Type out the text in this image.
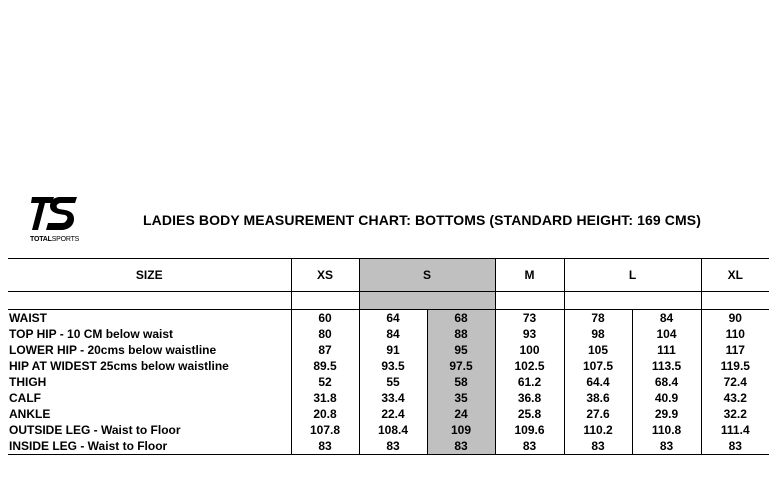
TOTALSPORTS
LADIES BODY MEASUREMENT CHART: BOTTOMS (STANDARD HEIGHT: 169 CMS)
SIZE	XS	S		M	L		XL

WAIST	60	64	68	73	78	84	90
TOP HIP - 10 CM below waist	80	84	88	93	98	104	110
LOWER HIP - 20cms below waistline	87	91	95	100	105	111	117
HIP AT WIDEST 25cms below waistline	89.5	93.5	97.5	102.5	107.5	113.5	119.5
THIGH	52	55	58	61.2	64.4	68.4	72.4
CALF	31.8	33.4	35	36.8	38.6	40.9	43.2
ANKLE	20.8	22.4	24	25.8	27.6	29.9	32.2
OUTSIDE LEG - Waist to Floor	107.8	108.4	109	109.6	110.2	110.8	111.4
INSIDE LEG - Waist to Floor	83	83	83	83	83	83	83
